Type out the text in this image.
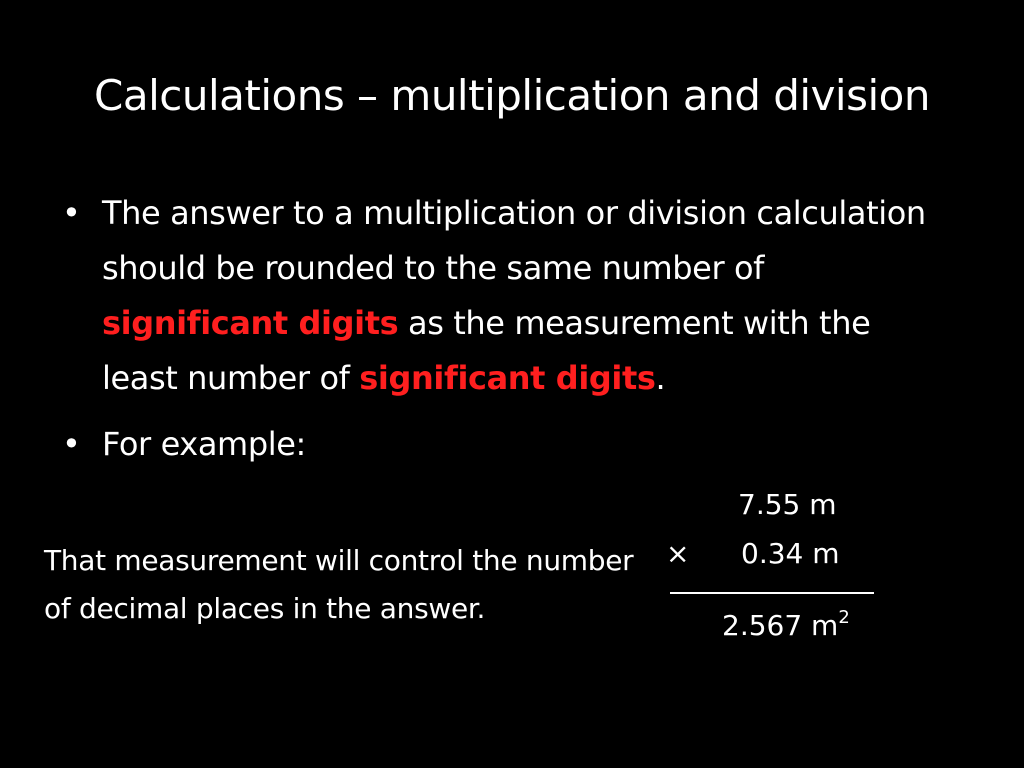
Calculations – multiplication and division
• The answer to a multiplication or division calculation should be rounded to the same number of significant digits as the measurement with the least number of significant digits.
• For example:
That measurement will control the number of decimal places in the answer.
7.55 m
× 0.34 m
2.567 $m^2$
